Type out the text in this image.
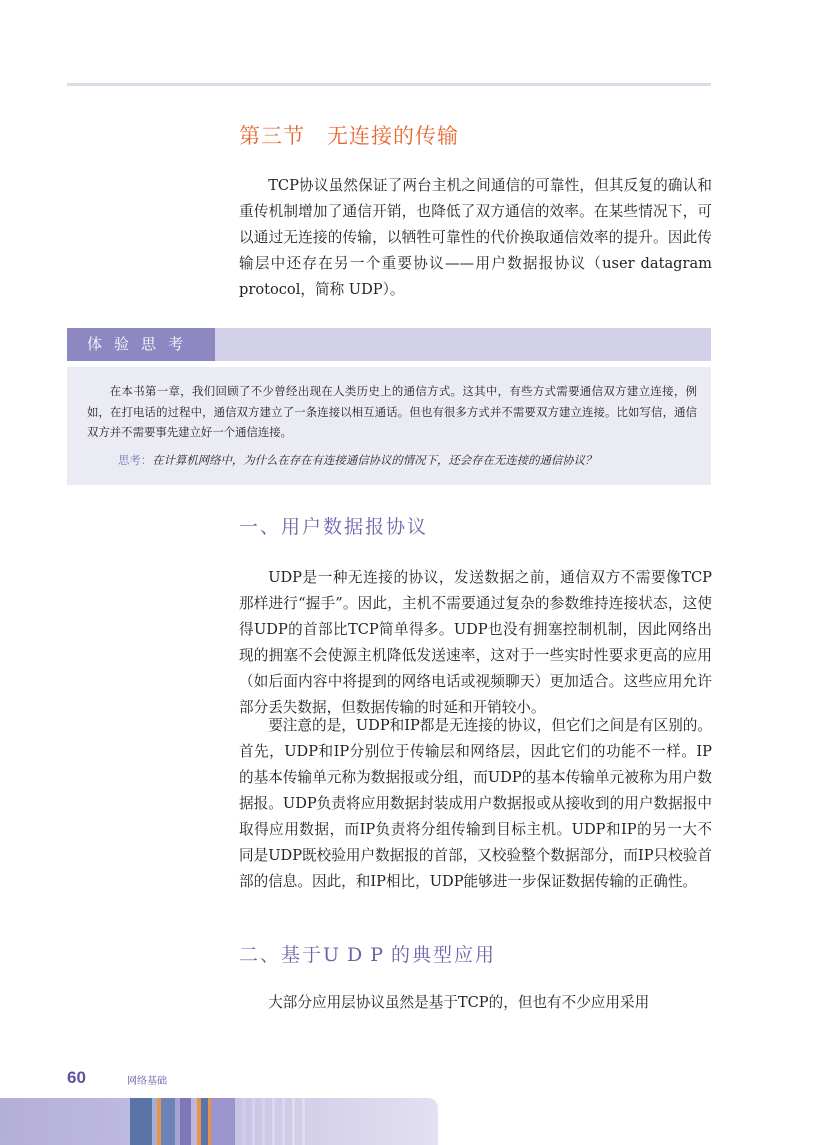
第三节　无连接的传输

TCP协议虽然保证了两台主机之间通信的可靠性，但其反复的确认和重传机制增加了通信开销，也降低了双方通信的效率。在某些情况下，可以通过无连接的传输，以牺牲可靠性的代价换取通信效率的提升。因此传输层中还存在另一个重要协议——用户数据报协议（user datagram protocol，简称 UDP）。

体验思考

在本书第一章，我们回顾了不少曾经出现在人类历史上的通信方式。这其中，有些方式需要通信双方建立连接，例如，在打电话的过程中，通信双方建立了一条连接以相互通话。但也有很多方式并不需要双方建立连接。比如写信，通信双方并不需要事先建立好一个通信连接。

思考：在计算机网络中，为什么在存在有连接通信协议的情况下，还会存在无连接的通信协议？

一、用户数据报协议

UDP是一种无连接的协议，发送数据之前，通信双方不需要像TCP那样进行“握手”。因此，主机不需要通过复杂的参数维持连接状态，这使得UDP的首部比TCP简单得多。UDP也没有拥塞控制机制，因此网络出现的拥塞不会使源主机降低发送速率，这对于一些实时性要求更高的应用（如后面内容中将提到的网络电话或视频聊天）更加适合。这些应用允许部分丢失数据，但数据传输的时延和开销较小。

要注意的是，UDP和IP都是无连接的协议，但它们之间是有区别的。首先，UDP和IP分别位于传输层和网络层，因此它们的功能不一样。IP的基本传输单元称为数据报或分组，而UDP的基本传输单元被称为用户数据报。UDP负责将应用数据封装成用户数据报或从接收到的用户数据报中取得应用数据，而IP负责将分组传输到目标主机。UDP和IP的另一大不同是UDP既校验用户数据报的首部，又校验整个数据部分，而IP只校验首部的信息。因此，和IP相比，UDP能够进一步保证数据传输的正确性。

二、基于UDP的典型应用

大部分应用层协议虽然是基于TCP的，但也有不少应用采用

60	网络基础
